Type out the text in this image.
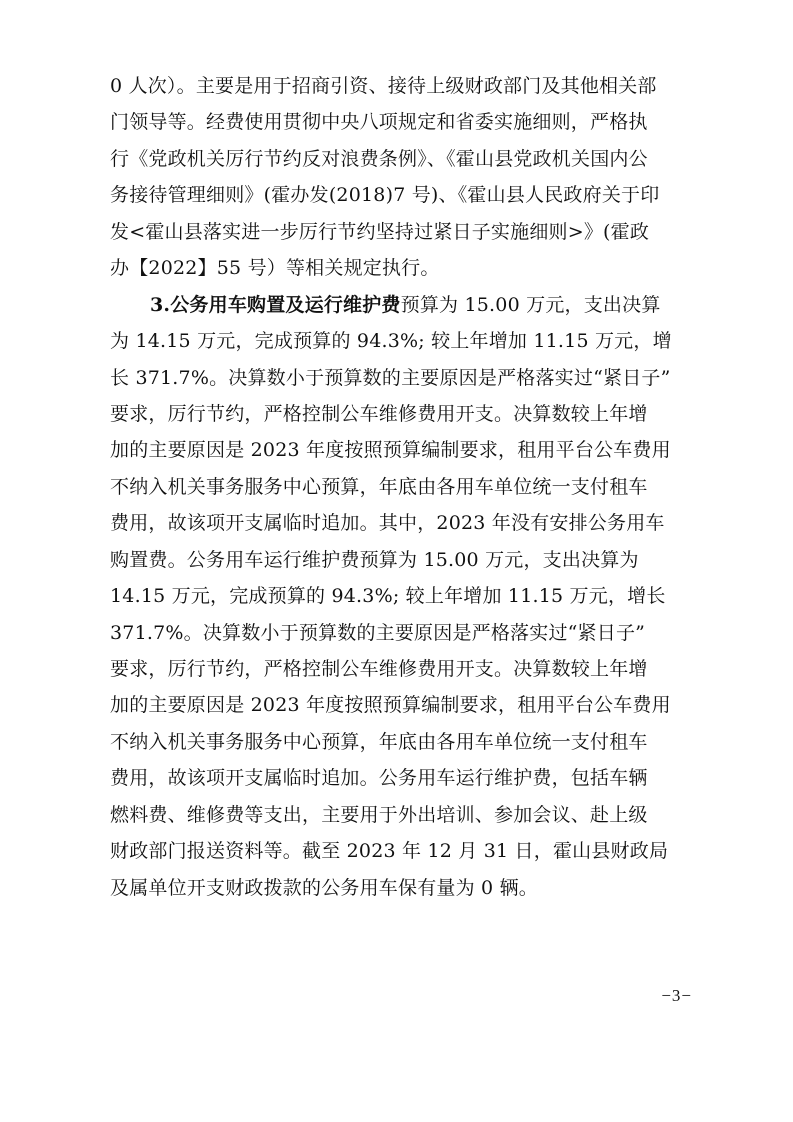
0 人次）。主要是用于招商引资、接待上级财政部门及其他相关部
门领导等。经费使用贯彻中央八项规定和省委实施细则，严格执
行《党政机关厉行节约反对浪费条例》、《霍山县党政机关国内公
务接待管理细则》(霍办发(2018)7 号)、《霍山县人民政府关于印
发<霍山县落实进一步厉行节约坚持过紧日子实施细则>》(霍政
办【2022】55 号）等相关规定执行。
3.公务用车购置及运行维护费预算为 15.00 万元，支出决算
为 14.15 万元，完成预算的 94.3%; 较上年增加 11.15 万元，增
长 371.7%。决算数小于预算数的主要原因是严格落实过“紧日子”
要求，厉行节约，严格控制公车维修费用开支。决算数较上年增
加的主要原因是 2023 年度按照预算编制要求，租用平台公车费用
不纳入机关事务服务中心预算，年底由各用车单位统一支付租车
费用，故该项开支属临时追加。其中，2023 年没有安排公务用车
购置费。公务用车运行维护费预算为 15.00 万元，支出决算为
14.15 万元，完成预算的 94.3%; 较上年增加 11.15 万元，增长
371.7%。决算数小于预算数的主要原因是严格落实过“紧日子”
要求，厉行节约，严格控制公车维修费用开支。决算数较上年增
加的主要原因是 2023 年度按照预算编制要求，租用平台公车费用
不纳入机关事务服务中心预算，年底由各用车单位统一支付租车
费用，故该项开支属临时追加。公务用车运行维护费，包括车辆
燃料费、维修费等支出，主要用于外出培训、参加会议、赴上级
财政部门报送资料等。截至 2023 年 12 月 31 日，霍山县财政局
及属单位开支财政拨款的公务用车保有量为 0 辆。
−3−
